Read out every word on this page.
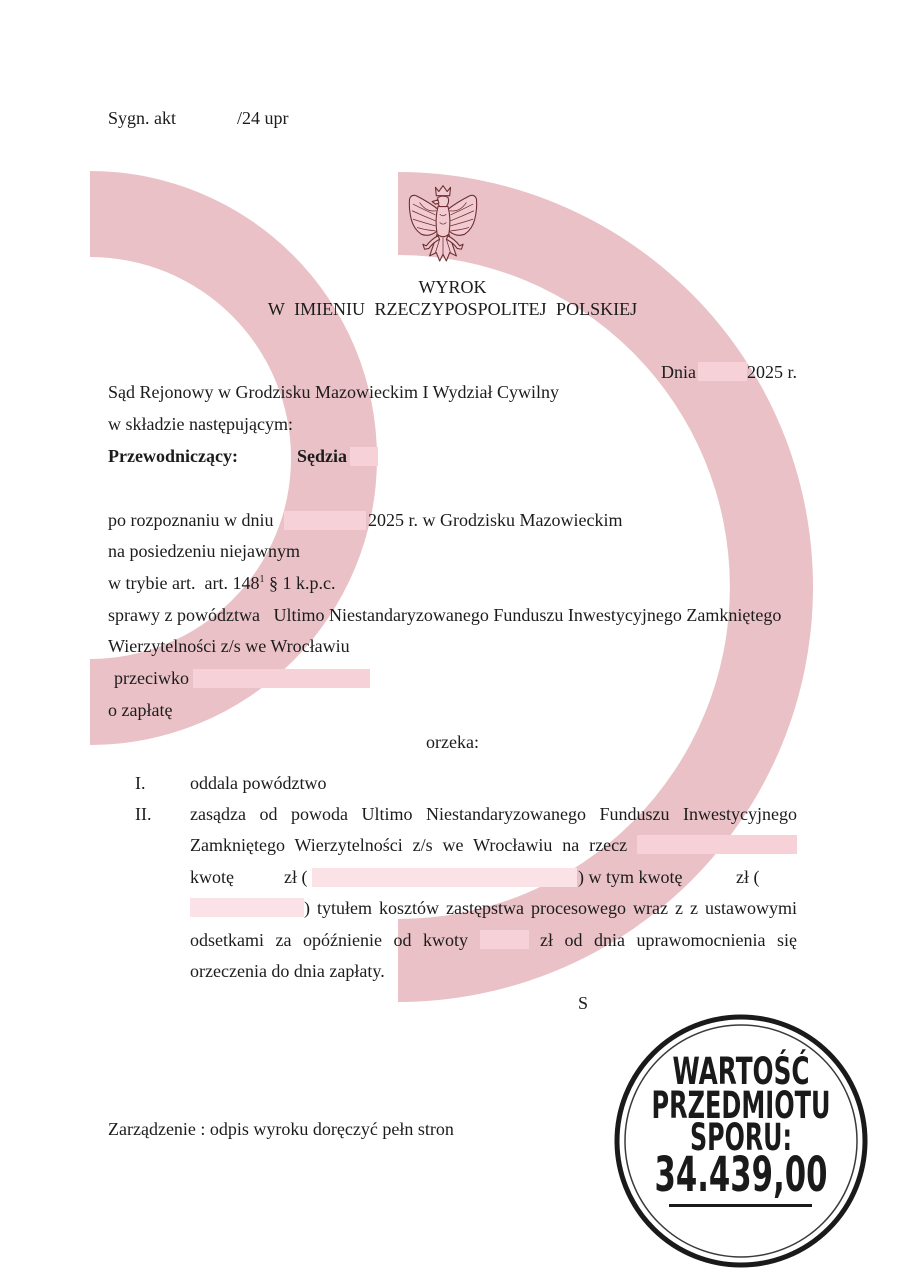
Sygn. akt	/24 upr
WYROK
W IMIENIU RZECZYPOSPOLITEJ POLSKIEJ

Dnia	2025 r.

Sąd Rejonowy w Grodzisku Mazowieckim I Wydział Cywilny
w składzie następującym:
Przewodniczący:	Sędzia
po rozpoznaniu w dniu	2025 r. w Grodzisku Mazowieckim
na posiedzeniu niejawnym
w trybie art.  art. $148^1$ § 1 k.p.c.
sprawy z powództwa   Ultimo Niestandaryzowanego Funduszu Inwestycyjnego Zamkniętego
Wierzytelności z/s we Wrocławiu
przeciwko
o zapłatę
orzeka:
I. oddala powództwo
II. zasądza od powoda Ultimo Niestandaryzowanego Funduszu Inwestycyjnego
Zamkniętego Wierzytelności z/s we Wrocławiu na rzecz
kwotę	zł (	) w tym kwotę	zł (
) tytułem kosztów zastępstwa procesowego wraz z z ustawowymi
odsetkami za opóźnienie od kwoty	zł od dnia uprawomocnienia się
orzeczenia do dnia zapłaty.
S
Zarządzenie : odpis wyroku doręczyć pełn stron
WARTOŚĆ
PRZEDMIOTU
SPORU:
34.439,00
